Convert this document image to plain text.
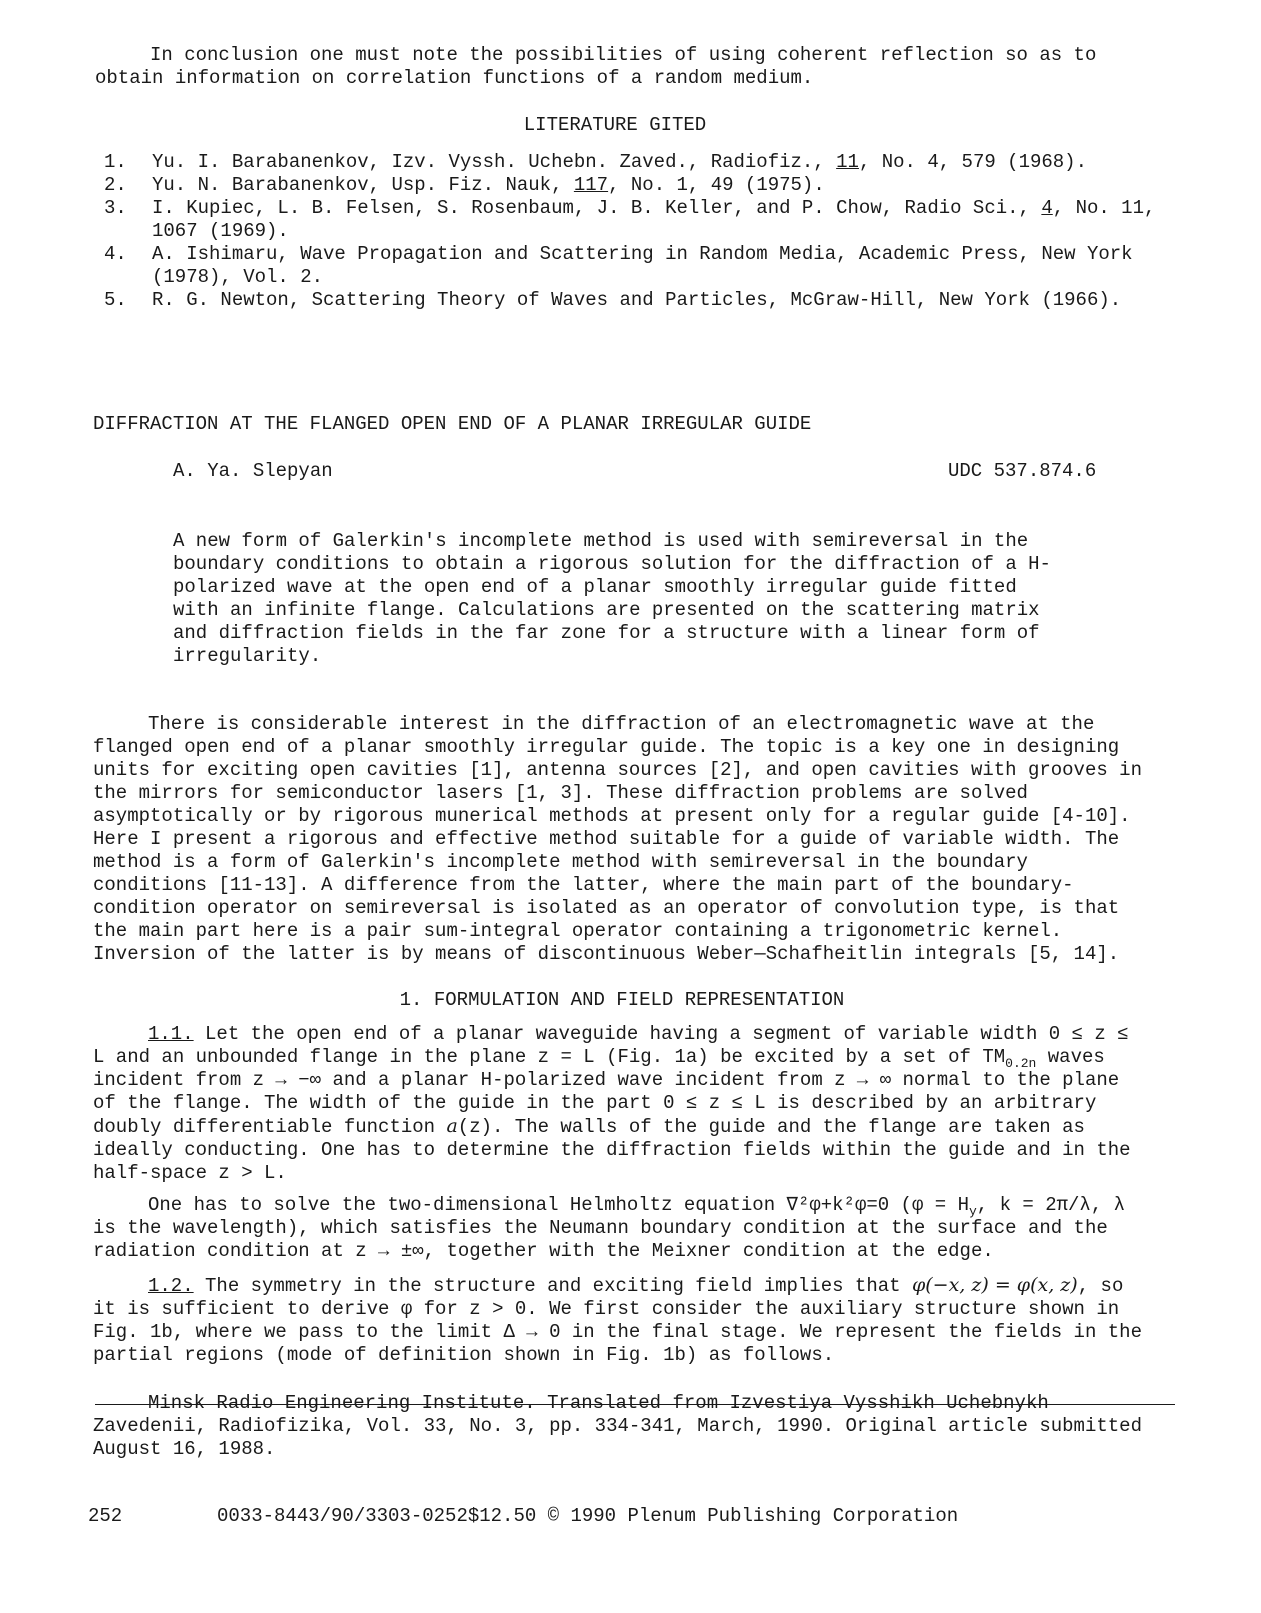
In conclusion one must note the possibilities of using coherent reflection so as to obtain information on correlation functions of a random medium.

LITERATURE GITED
1.	Yu. I. Barabanenkov, Izv. Vyssh. Uchebn. Zaved., Radiofiz., 11, No. 4, 579 (1968).
2.	Yu. N. Barabanenkov, Usp. Fiz. Nauk, 117, No. 1, 49 (1975).
3.	I. Kupiec, L. B. Felsen, S. Rosenbaum, J. B. Keller, and P. Chow, Radio Sci., 4, No. 11, 1067 (1969).
4.	A. Ishimaru, Wave Propagation and Scattering in Random Media, Academic Press, New York (1978), Vol. 2.
5.	R. G. Newton, Scattering Theory of Waves and Particles, McGraw-Hill, New York (1966).
DIFFRACTION AT THE FLANGED OPEN END OF A PLANAR IRREGULAR GUIDE
A. Ya. Slepyan	UDC 537.874.6
A new form of Galerkin's incomplete method is used with semireversal in the boundary conditions to obtain a rigorous solution for the diffraction of a H-polarized wave at the open end of a planar smoothly irregular guide fitted with an infinite flange. Calculations are presented on the scattering matrix and diffraction fields in the far zone for a structure with a linear form of irregularity.

There is considerable interest in the diffraction of an electromagnetic wave at the flanged open end of a planar smoothly irregular guide. The topic is a key one in designing units for exciting open cavities [1], antenna sources [2], and open cavities with grooves in the mirrors for semiconductor lasers [1, 3]. These diffraction problems are solved asymptotically or by rigorous munerical methods at present only for a regular guide [4-10]. Here I present a rigorous and effective method suitable for a guide of variable width. The method is a form of Galerkin's incomplete method with semireversal in the boundary conditions [11-13]. A difference from the latter, where the main part of the boundary-condition operator on semireversal is isolated as an operator of convolution type, is that the main part here is a pair sum-integral operator containing a trigonometric kernel. Inversion of the latter is by means of discontinuous Weber—Schafheitlin integrals [5, 14].

1. FORMULATION AND FIELD REPRESENTATION

1.1. Let the open end of a planar waveguide having a segment of variable width 0 ≤ z ≤ L and an unbounded flange in the plane z = L (Fig. 1a) be excited by a set of $TM_{0.2n}$ waves incident from z → −∞ and a planar H-polarized wave incident from z → ∞ normal to the plane of the flange. The width of the guide in the part 0 ≤ z ≤ L is described by an arbitrary doubly differentiable function a(z). The walls of the guide and the flange are taken as ideally conducting. One has to determine the diffraction fields within the guide and in the half-space z > L.

One has to solve the two-dimensional Helmholtz equation ∇²φ+k²φ=0 ($\varphi = H_y$, k = 2π/λ, λ is the wavelength), which satisfies the Neumann boundary condition at the surface and the radiation condition at z → ±∞, together with the Meixner condition at the edge.

1.2. The symmetry in the structure and exciting field implies that φ(−x, z) = φ(x, z), so it is sufficient to derive φ for z > 0. We first consider the auxiliary structure shown in Fig. 1b, where we pass to the limit Δ → 0 in the final stage. We represent the fields in the partial regions (mode of definition shown in Fig. 1b) as follows.

Minsk Radio Engineering Institute. Translated from Izvestiya Vysshikh Uchebnykh Zavedenii, Radiofizika, Vol. 33, No. 3, pp. 334-341, March, 1990. Original article submitted August 16, 1988.

252	0033-8443/90/3303-0252$12.50 © 1990 Plenum Publishing Corporation
